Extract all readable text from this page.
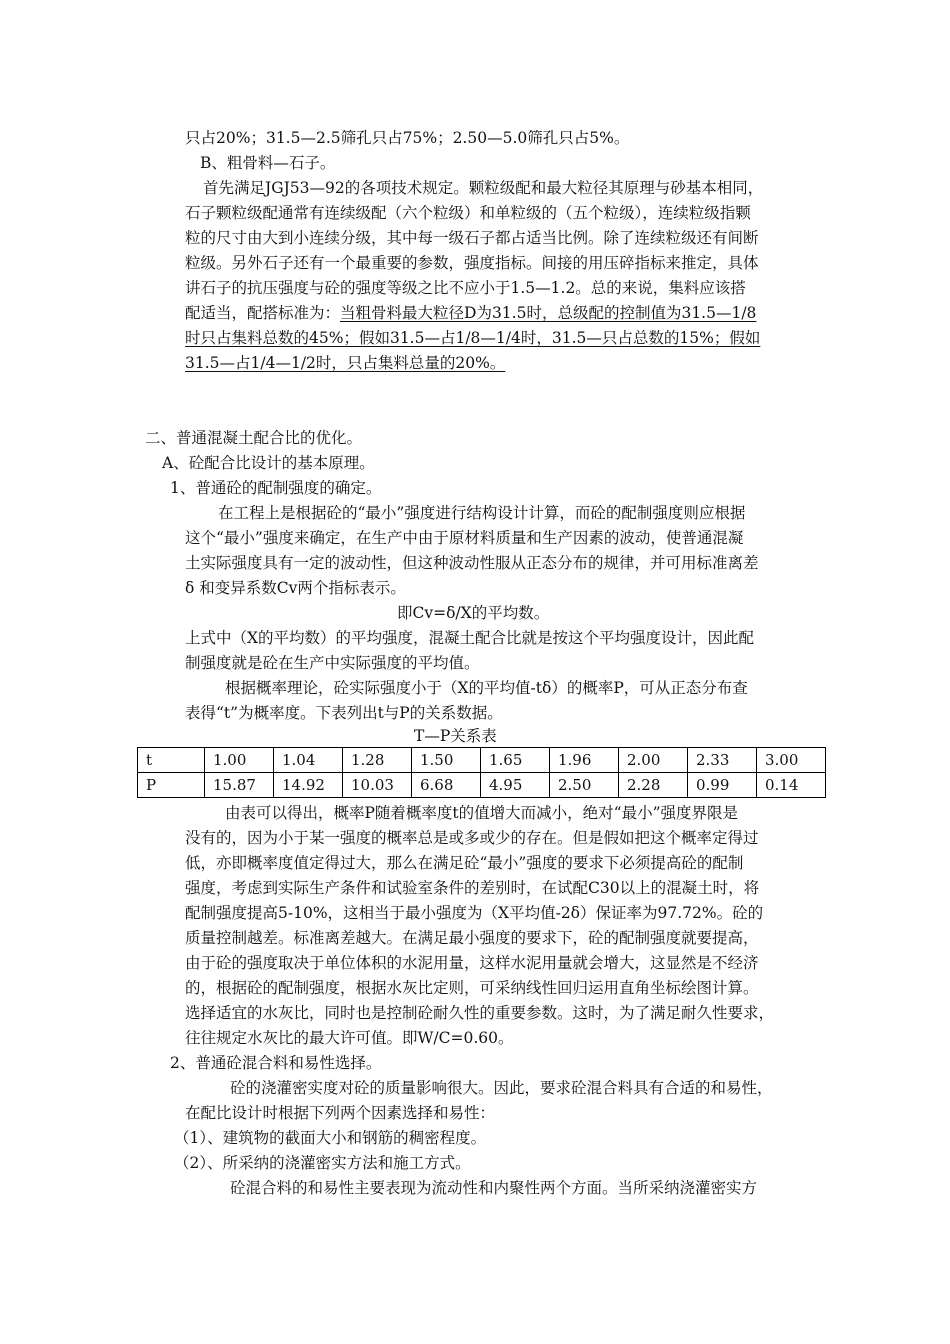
只占20%；31.5—2.5筛孔只占75%；2.50—5.0筛孔只占5%。
B、粗骨料—石子。
首先满足JGJ53—92的各项技术规定。颗粒级配和最大粒径其原理与砂基本相同，
石子颗粒级配通常有连续级配（六个粒级）和单粒级的（五个粒级），连续粒级指颗
粒的尺寸由大到小连续分级，其中每一级石子都占适当比例。除了连续粒级还有间断
粒级。另外石子还有一个最重要的参数，强度指标。间接的用压碎指标来推定，具体
讲石子的抗压强度与砼的强度等级之比不应小于1.5—1.2。总的来说，集料应该搭
配适当，配搭标准为：当粗骨料最大粒径D为31.5时，总级配的控制值为31.5—1/8
时只占集料总数的45%；假如31.5—占1/8—1/4时，31.5—只占总数的15%；假如
31.5—占1/4—1/2时，只占集料总量的20%。
二、普通混凝土配合比的优化。
A、砼配合比设计的基本原理。
1、普通砼的配制强度的确定。
在工程上是根据砼的“最小”强度进行结构设计计算，而砼的配制强度则应根据
这个“最小”强度来确定，在生产中由于原材料质量和生产因素的波动，使普通混凝
土实际强度具有一定的波动性，但这种波动性服从正态分布的规律，并可用标准离差
δ 和变异系数Cv两个指标表示。
即Cv=δ/X的平均数。
上式中（X的平均数）的平均强度，混凝土配合比就是按这个平均强度设计，因此配
制强度就是砼在生产中实际强度的平均值。
根据概率理论，砼实际强度小于（X的平均值-tδ）的概率P，可从正态分布查
表得“t”为概率度。下表列出t与P的关系数据。
T—P关系表
t	1.00	1.04	1.28	1.50	1.65	1.96	2.00	2.33	3.00
P	15.87	14.92	10.03	6.68	4.95	2.50	2.28	0.99	0.14
由表可以得出，概率P随着概率度t的值增大而减小，绝对“最小”强度界限是
没有的，因为小于某一强度的概率总是或多或少的存在。但是假如把这个概率定得过
低，亦即概率度值定得过大，那么在满足砼“最小”强度的要求下必须提高砼的配制
强度，考虑到实际生产条件和试验室条件的差别时，在试配C30以上的混凝土时，将
配制强度提高5-10%，这相当于最小强度为（X平均值-2δ）保证率为97.72%。砼的
质量控制越差。标准离差越大。在满足最小强度的要求下，砼的配制强度就要提高，
由于砼的强度取决于单位体积的水泥用量，这样水泥用量就会增大，这显然是不经济
的，根据砼的配制强度，根据水灰比定则，可采纳线性回归运用直角坐标绘图计算。
选择适宜的水灰比，同时也是控制砼耐久性的重要参数。这时，为了满足耐久性要求，
往往规定水灰比的最大许可值。即W/C=0.60。
2、普通砼混合料和易性选择。
砼的浇灌密实度对砼的质量影响很大。因此，要求砼混合料具有合适的和易性，
在配比设计时根据下列两个因素选择和易性：
（1）、建筑物的截面大小和钢筋的稠密程度。
（2）、所采纳的浇灌密实方法和施工方式。
砼混合料的和易性主要表现为流动性和内聚性两个方面。当所采纳浇灌密实方
